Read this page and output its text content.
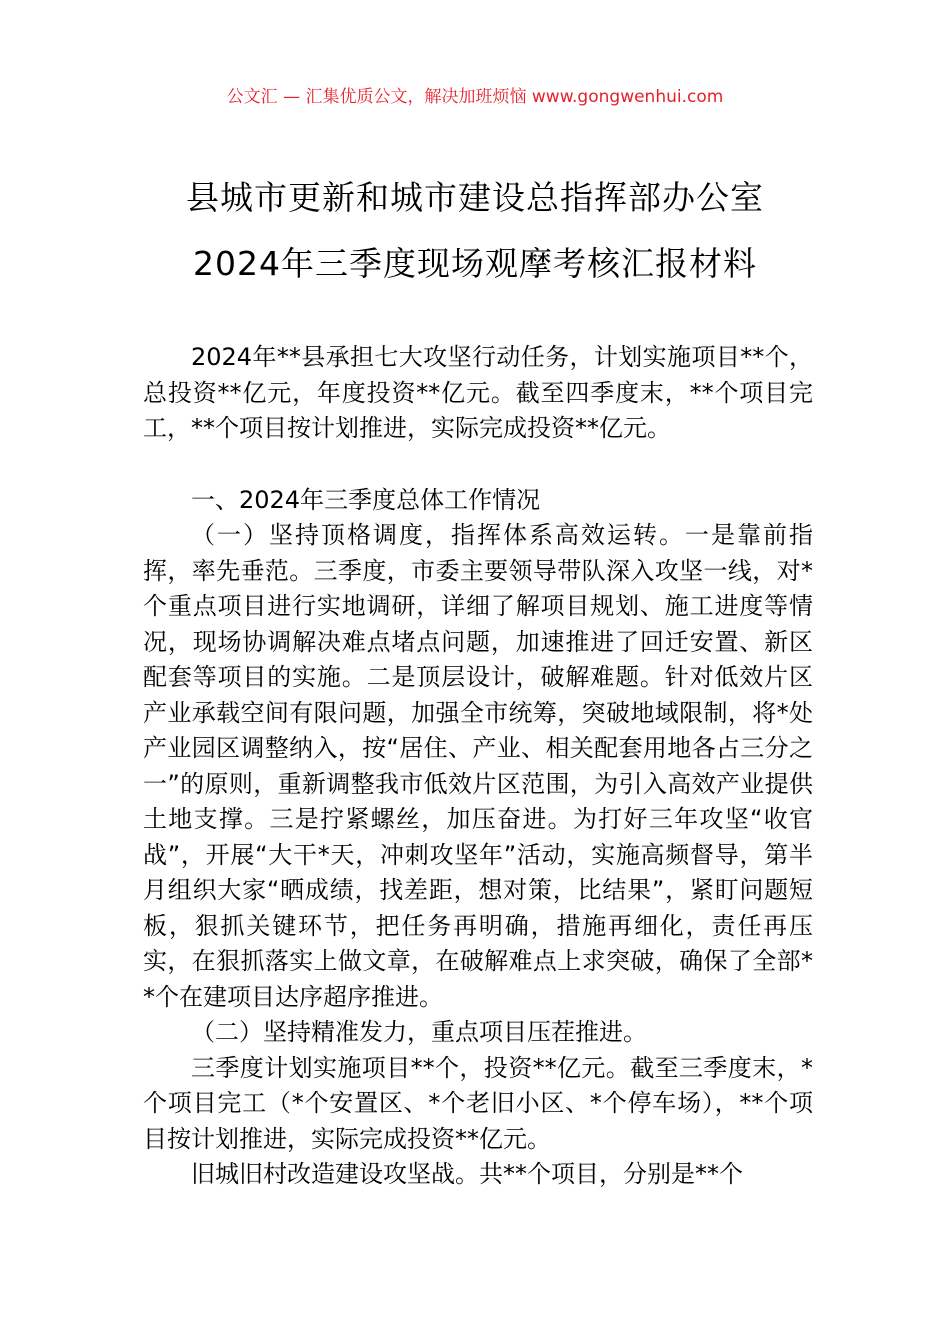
公文汇 — 汇集优质公文，解决加班烦恼 www.gongwenhui.com
县城市更新和城市建设总指挥部办公室
2024年三季度现场观摩考核汇报材料

2024年**县承担七大攻坚行动任务，计划实施项目**个，总投资**亿元，年度投资**亿元。截至四季度末，**个项目完工，**个项目按计划推进，实际完成投资**亿元。

一、2024年三季度总体工作情况

（一）坚持顶格调度，指挥体系高效运转。一是靠前指挥，率先垂范。三季度，市委主要领导带队深入攻坚一线，对*个重点项目进行实地调研，详细了解项目规划、施工进度等情况，现场协调解决难点堵点问题，加速推进了回迁安置、新区配套等项目的实施。二是顶层设计，破解难题。针对低效片区产业承载空间有限问题，加强全市统筹，突破地域限制，将*处产业园区调整纳入，按“居住、产业、相关配套用地各占三分之一”的原则，重新调整我市低效片区范围，为引入高效产业提供土地支撑。三是拧紧螺丝，加压奋进。为打好三年攻坚“收官战”，开展“大干*天，冲刺攻坚年”活动，实施高频督导，第半月组织大家“晒成绩，找差距，想对策，比结果”，紧盯问题短板，狠抓关键环节，把任务再明确，措施再细化，责任再压实，在狠抓落实上做文章，在破解难点上求突破，确保了全部**个在建项目达序超序推进。

（二）坚持精准发力，重点项目压茬推进。

三季度计划实施项目**个，投资**亿元。截至三季度末，*个项目完工（*个安置区、*个老旧小区、*个停车场），**个项目按计划推进，实际完成投资**亿元。

旧城旧村改造建设攻坚战。共**个项目，分别是**个
